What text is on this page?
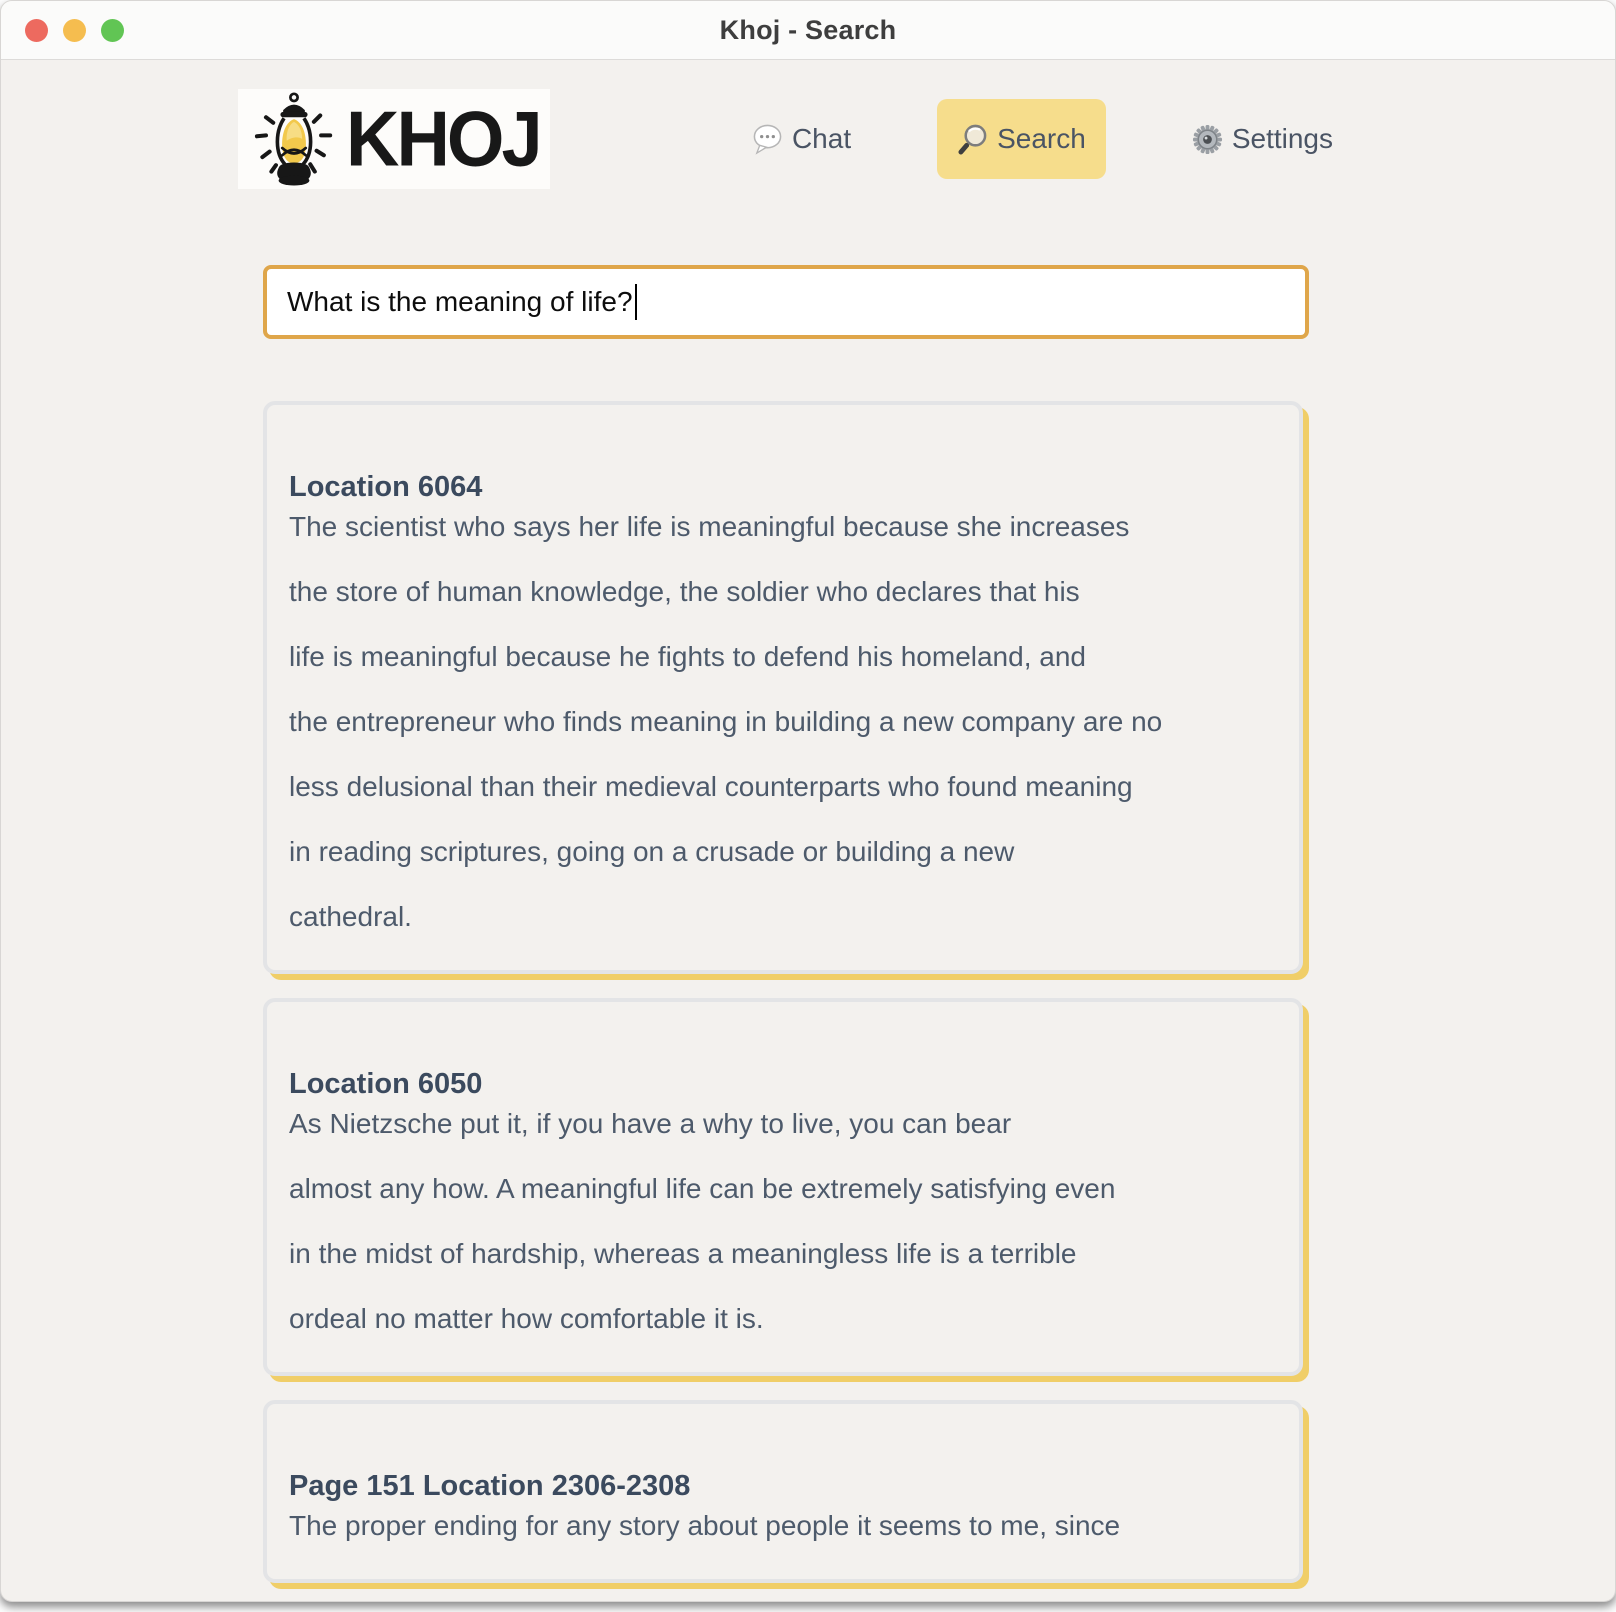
Khoj - Search
KHOJ	Chat	Search	Settings
What is the meaning of life?

Location 6064
The scientist who says her life is meaningful because she increases

the store of human knowledge, the soldier who declares that his

life is meaningful because he fights to defend his homeland, and

the entrepreneur who finds meaning in building a new company are no

less delusional than their medieval counterparts who found meaning

in reading scriptures, going on a crusade or building a new

cathedral.

Location 6050
As Nietzsche put it, if you have a why to live, you can bear

almost any how. A meaningful life can be extremely satisfying even

in the midst of hardship, whereas a meaningless life is a terrible

ordeal no matter how comfortable it is.

Page 151 Location 2306-2308
The proper ending for any story about people it seems to me, since
